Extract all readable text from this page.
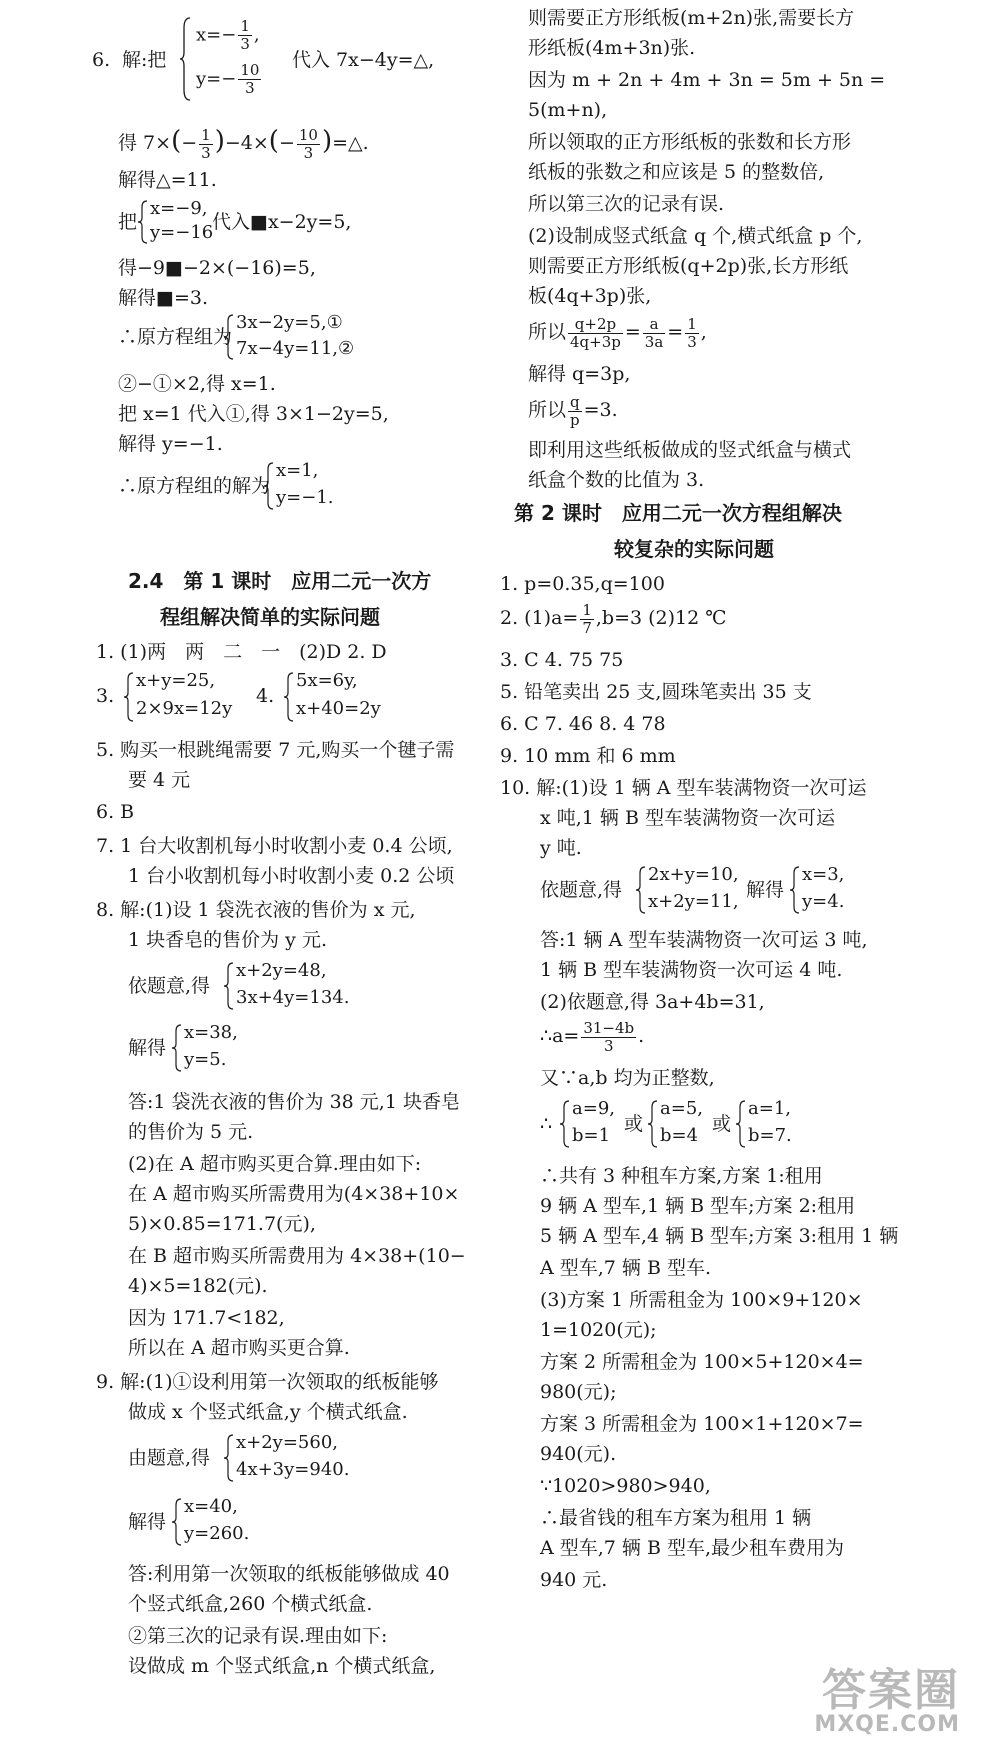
6. 解:把
$x=- \frac{1}{3}$ ,
$y=- \frac{10}{3}$
代入 7x−4y=△,
得 $7\times(- \frac{1}{3} )-4\times(- \frac{10}{3}$ )=△.
解得△=11.
把
x=−9,
y=−16
代入■x−2y=5,
得−9■−2×(−16)=5,
解得■=3.
∴原方程组为
3x−2y=5,①
7x−4y=11,②
②−①×2,得 x=1.
把 x=1 代入①,得 3×1−2y=5,
解得 y=−1.
∴原方程组的解为
x=1,
y=−1.
2.4　第 1 课时　应用二元一次方
程组解决简单的实际问题
1. (1)两　两　二　一　(2)D 2. D
3.
x+y=25,
2×9x=12y
4.
5x=6y,
x+40=2y
5. 购买一根跳绳需要 7 元,购买一个毽子需
要 4 元
6. B
7. 1 台大收割机每小时收割小麦 0.4 公顷,
1 台小收割机每小时收割小麦 0.2 公顷
8. 解:(1)设 1 袋洗衣液的售价为 x 元,
1 块香皂的售价为 y 元.
依题意,得
x+2y=48,
3x+4y=134.
解得
x=38,
y=5.
答:1 袋洗衣液的售价为 38 元,1 块香皂
的售价为 5 元.
(2)在 A 超市购买更合算.理由如下:
在 A 超市购买所需费用为(4×38+10×
5)×0.85=171.7(元),
在 B 超市购买所需费用为 4×38+(10−
4)×5=182(元).
因为 171.7<182,
所以在 A 超市购买更合算.
9. 解:(1)①设利用第一次领取的纸板能够
做成 x 个竖式纸盒,y 个横式纸盒.
由题意,得
x+2y=560,
4x+3y=940.
解得
x=40,
y=260.
答:利用第一次领取的纸板能够做成 40
个竖式纸盒,260 个横式纸盒.
②第三次的记录有误.理由如下:
设做成 m 个竖式纸盒,n 个横式纸盒,
则需要正方形纸板(m+2n)张,需要长方
形纸板(4m+3n)张.
因为 m + 2n + 4m + 3n = 5m + 5n =
5(m+n),
所以领取的正方形纸板的张数和长方形
纸板的张数之和应该是 5 的整数倍,
所以第三次的记录有误.
(2)设制成竖式纸盒 q 个,横式纸盒 p 个,
则需要正方形纸板(q+2p)张,长方形纸
板(4q+3p)张,
所以 $\frac{q+2p}{4q+3p} = \frac{a}{3a} = \frac{1}{3}$ ,
解得 q=3p,
所以 $\frac{q}{p} =3$.
即利用这些纸板做成的竖式纸盒与横式
纸盒个数的比值为 3.
第 2 课时　应用二元一次方程组解决
较复杂的实际问题
1. p=0.35,q=100
2. $(1)a= \frac{1}{7} ,b=3$ (2)12 ℃
3. C 4. 75 75
5. 铅笔卖出 25 支,圆珠笔卖出 35 支
6. C 7. 46 8. 4 78
9. 10 mm 和 6 mm
10. 解:(1)设 1 辆 A 型车装满物资一次可运
x 吨,1 辆 B 型车装满物资一次可运
y 吨.
依题意,得
2x+y=10,
x+2y=11,
解得
x=3,
y=4.
答:1 辆 A 型车装满物资一次可运 3 吨,
1 辆 B 型车装满物资一次可运 4 吨.
(2)依题意,得 3a+4b=31,
∴a= $\frac{31-4b}{3}$ .
又∵a,b 均为正整数,
∴
a=9,
b=1
或
a=5,
b=4
或
a=1,
b=7.
∴共有 3 种租车方案,方案 1:租用
9 辆 A 型车,1 辆 B 型车;方案 2:租用
5 辆 A 型车,4 辆 B 型车;方案 3:租用 1 辆
A 型车,7 辆 B 型车.
(3)方案 1 所需租金为 100×9+120×
1=1020(元);
方案 2 所需租金为 100×5+120×4=
980(元);
方案 3 所需租金为 100×1+120×7=
940(元).
∵1020>980>940,
∴最省钱的租车方案为租用 1 辆
A 型车,7 辆 B 型车,最少租车费用为
940 元.
答案圈
MXQE.COM
